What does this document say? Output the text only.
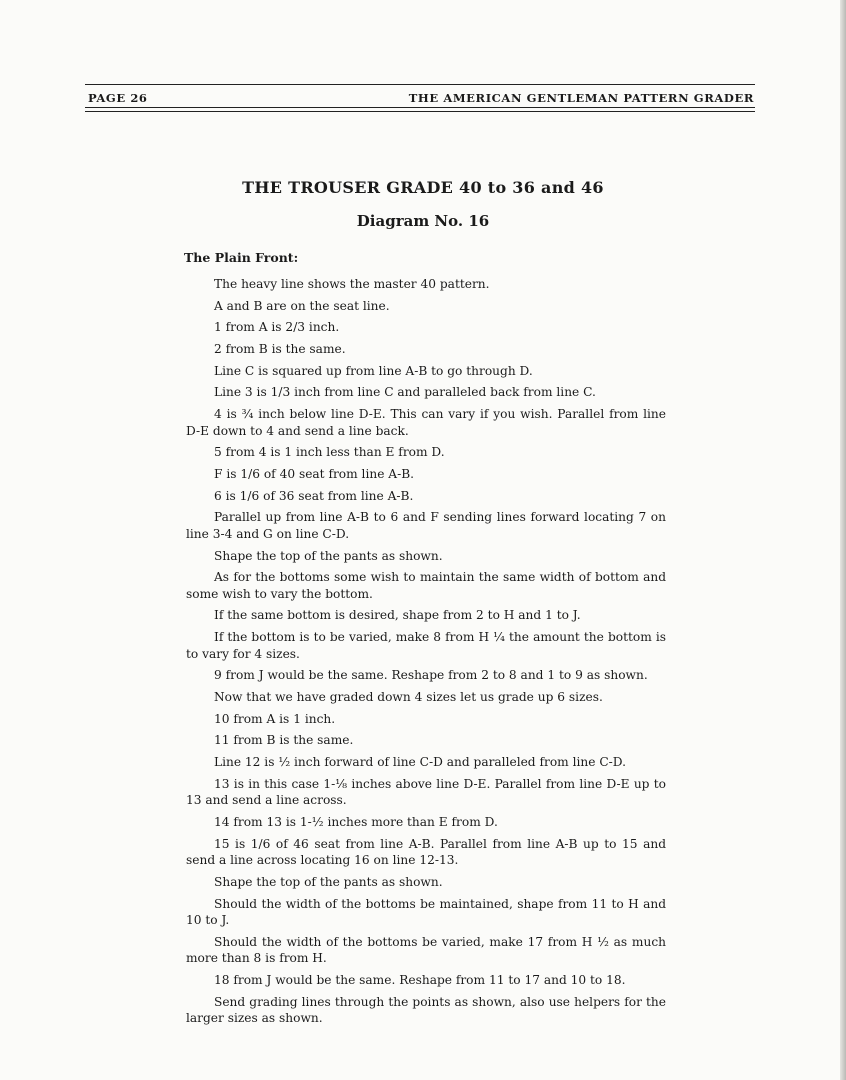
PAGE 26	THE AMERICAN GENTLEMAN PATTERN GRADER
THE TROUSER GRADE 40 to 36 and 46
Diagram No. 16
The Plain Front:

The heavy line shows the master 40 pattern.

A and B are on the seat line.

1 from A is 2/3 inch.

2 from B is the same.

Line C is squared up from line A-B to go through D.

Line 3 is 1/3 inch from line C and paralleled back from line C.

4 is ¾ inch below line D-E. This can vary if you wish. Parallel from line D-E down to 4 and send a line back.

5 from 4 is 1 inch less than E from D.

F is 1/6 of 40 seat from line A-B.

6 is 1/6 of 36 seat from line A-B.

Parallel up from line A-B to 6 and F sending lines forward locating 7 on line 3-4 and G on line C-D.

Shape the top of the pants as shown.

As for the bottoms some wish to maintain the same width of bottom and some wish to vary the bottom.

If the same bottom is desired, shape from 2 to H and 1 to J.

If the bottom is to be varied, make 8 from H ¼ the amount the bottom is to vary for 4 sizes.

9 from J would be the same. Reshape from 2 to 8 and 1 to 9 as shown.

Now that we have graded down 4 sizes let us grade up 6 sizes.

10 from A is 1 inch.

11 from B is the same.

Line 12 is ½ inch forward of line C-D and paralleled from line C-D.

13 is in this case 1-⅛ inches above line D-E. Parallel from line D-E up to 13 and send a line across.

14 from 13 is 1-½ inches more than E from D.

15 is 1/6 of 46 seat from line A-B. Parallel from line A-B up to 15 and send a line across locating 16 on line 12-13.

Shape the top of the pants as shown.

Should the width of the bottoms be maintained, shape from 11 to H and 10 to J.

Should the width of the bottoms be varied, make 17 from H ½ as much more than 8 is from H.

18 from J would be the same. Reshape from 11 to 17 and 10 to 18.

Send grading lines through the points as shown, also use helpers for the larger sizes as shown.
